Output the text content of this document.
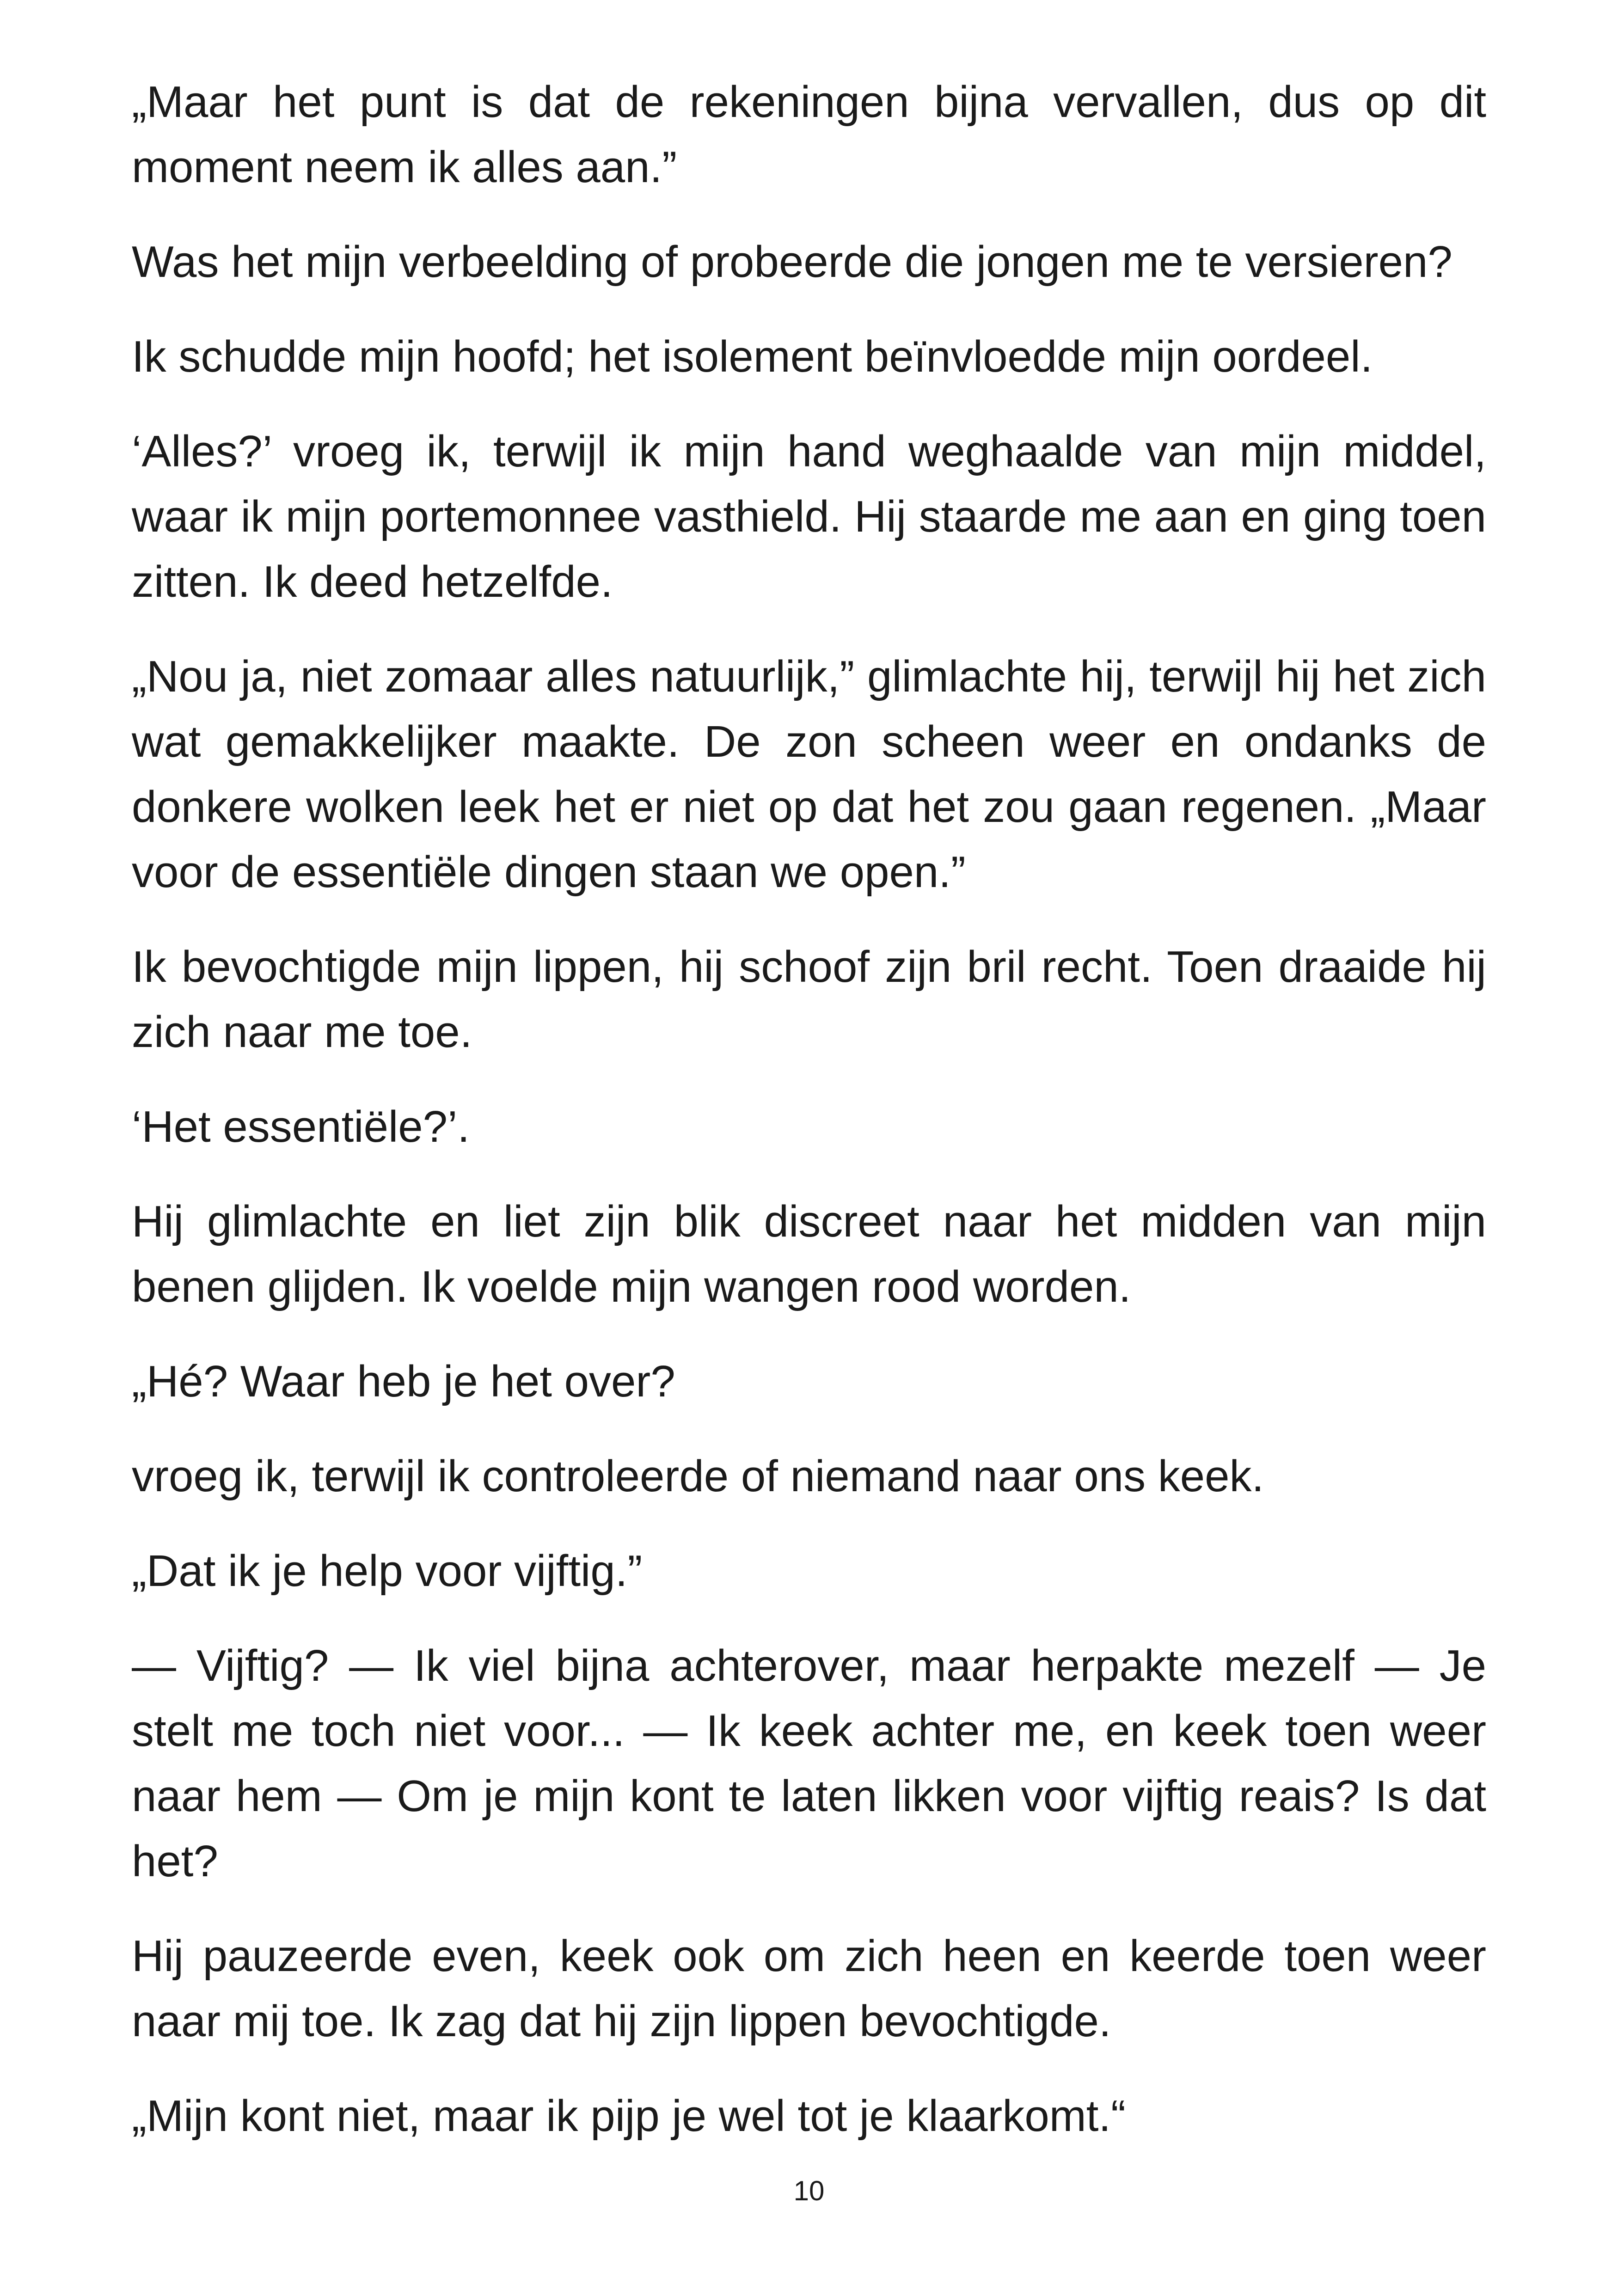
„Maar het punt is dat de rekeningen bijna vervallen, dus op dit moment neem ik alles aan.”

Was het mijn verbeelding of probeerde die jongen me te versieren?

Ik schudde mijn hoofd; het isolement beïnvloedde mijn oordeel.

‘Alles?’ vroeg ik, terwijl ik mijn hand weghaalde van mijn middel, waar ik mijn portemonnee vasthield. Hij staarde me aan en ging toen zitten. Ik deed hetzelfde.

„Nou ja, niet zomaar alles natuurlijk,” glimlachte hij, terwijl hij het zich wat gemakkelijker maakte. De zon scheen weer en ondanks de donkere wolken leek het er niet op dat het zou gaan regenen. „Maar voor de essentiële dingen staan we open.”

Ik bevochtigde mijn lippen, hij schoof zijn bril recht. Toen draaide hij zich naar me toe.

‘Het essentiële?’.

Hij glimlachte en liet zijn blik discreet naar het midden van mijn benen glijden. Ik voelde mijn wangen rood worden.

„Hé? Waar heb je het over?

vroeg ik, terwijl ik controleerde of niemand naar ons keek.

„Dat ik je help voor vijftig.”

— Vijftig? — Ik viel bijna achterover, maar herpakte mezelf — Je stelt me toch niet voor... — Ik keek achter me, en keek toen weer naar hem — Om je mijn kont te laten likken voor vijftig reais? Is dat het?

Hij pauzeerde even, keek ook om zich heen en keerde toen weer naar mij toe. Ik zag dat hij zijn lippen bevochtigde.

„Mijn kont niet, maar ik pijp je wel tot je klaarkomt.“

10
